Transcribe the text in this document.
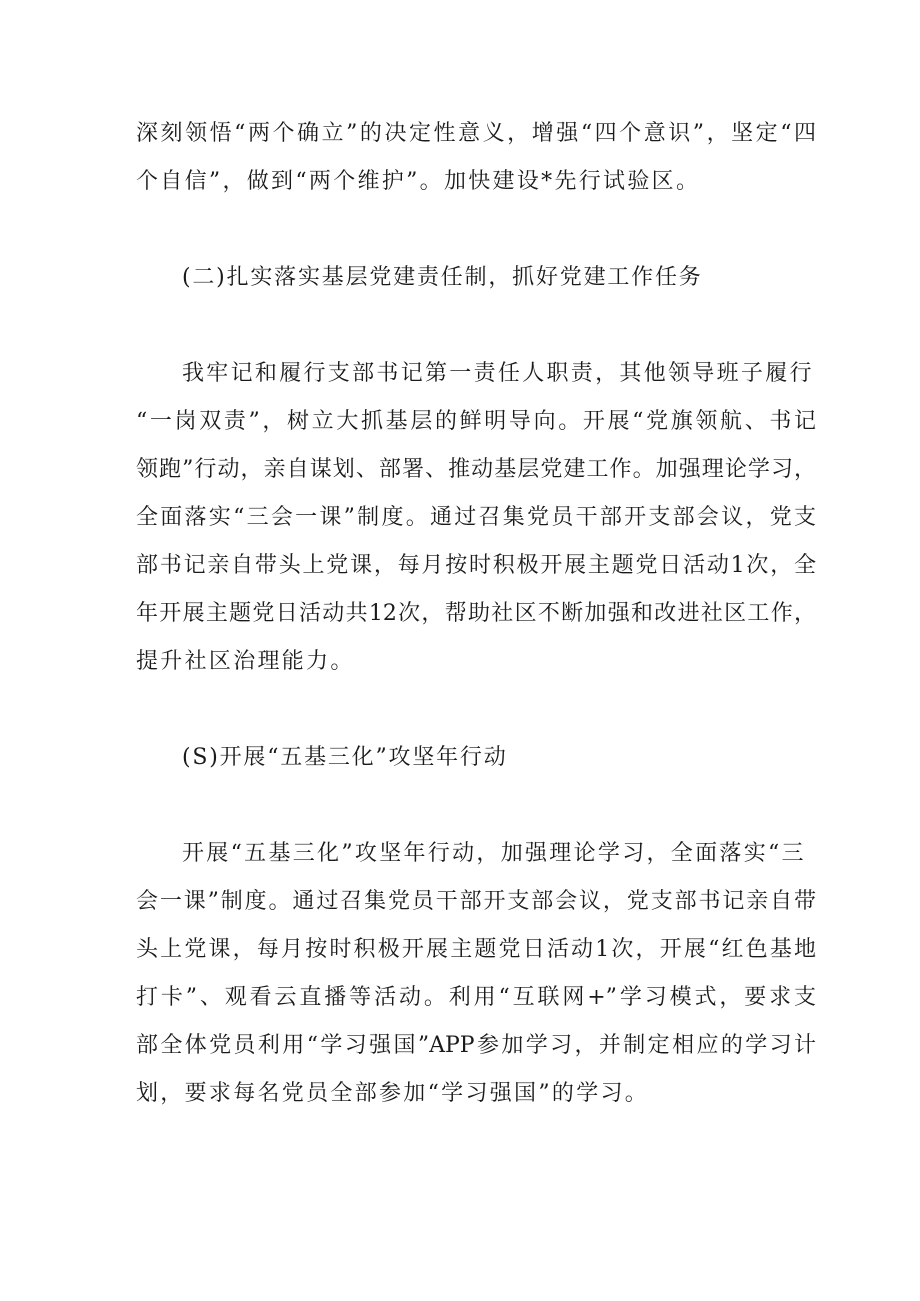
深刻领悟“两个确立”的决定性意义，增强“四个意识”，坚定“四
个自信”，做到“两个维护”。加快建设*先行试验区。
(二)扎实落实基层党建责任制，抓好党建工作任务
我牢记和履行支部书记第一责任人职责，其他领导班子履行
“一岗双责”，树立大抓基层的鲜明导向。开展“党旗领航、书记
领跑”行动，亲自谋划、部署、推动基层党建工作。加强理论学习，
全面落实“三会一课”制度。通过召集党员干部开支部会议，党支
部书记亲自带头上党课，每月按时积极开展主题党日活动1次，全
年开展主题党日活动共12次，帮助社区不断加强和改进社区工作，
提升社区治理能力。
(S)开展“五基三化”攻坚年行动
开展“五基三化”攻坚年行动，加强理论学习，全面落实“三
会一课”制度。通过召集党员干部开支部会议，党支部书记亲自带
头上党课，每月按时积极开展主题党日活动1次，开展“红色基地
打卡”、观看云直播等活动。利用“互联网+”学习模式，要求支
部全体党员利用“学习强国”APP参加学习，并制定相应的学习计
划，要求每名党员全部参加“学习强国”的学习。
